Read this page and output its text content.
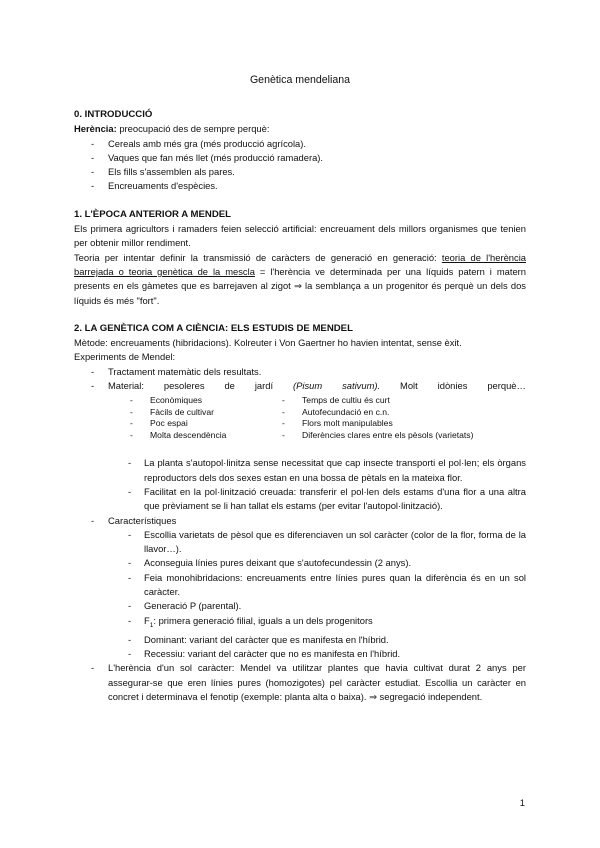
Genètica mendeliana
0. INTRODUCCIÓ

Herència: preocupació des de sempre perquè:

- Cereals amb més gra (més producció agrícola).
- Vaques que fan més llet (més producció ramadera).
- Els fills s'assemblen als pares.
- Encreuaments d'espècies.
1. L'ÈPOCA ANTERIOR A MENDEL

Els primera agricultors i ramaders feien selecció artificial: encreuament dels millors organismes que tenien per obtenir millor rendiment.

Teoria per intentar definir la transmissió de caràcters de generació en generació: teoria de l'herència barrejada o teoria genètica de la mescla = l'herència ve determinada per una líquids patern i matern presents en els gàmetes que es barrejaven al zigot ⇒ la semblança a un progenitor és perquè un dels dos líquids és més "fort".

2. LA GENÈTICA COM A CIÈNCIA: ELS ESTUDIS DE MENDEL

Mètode: encreuaments (hibridacions). Kolreuter i Von Gaertner ho havien intentat, sense èxit.

Experiments de Mendel:

- Tractament matemàtic dels resultats.
- Material: pesoleres de jardí (Pisum sativum). Molt idònies perquè…
- Econòmiques
- Fàcils de cultivar
- Poc espai
- Molta descendència
- Temps de cultiu és curt
- Autofecundació en c.n.
- Flors molt manipulables
- Diferències clares entre els pèsols (varietats)
- La planta s'autopol·linitza sense necessitat que cap insecte transporti el pol·len; els òrgans reproductors dels dos sexes estan en una bossa de pètals en la mateixa flor.
- Facilitat en la pol·linització creuada: transferir el pol·len dels estams d'una flor a una altra que prèviament se li han tallat els estams (per evitar l'autopol·linització).
- Característiques
- Escollia varietats de pèsol que es diferenciaven un sol caràcter (color de la flor, forma de la llavor…).
- Aconseguia línies pures deixant que s'autofecundessin (2 anys).
- Feia monohibridacions: encreuaments entre línies pures quan la diferència és en un sol caràcter.
- Generació P (parental).
- $F_1$: primera generació filial, iguals a un dels progenitors
- Dominant: variant del caràcter que es manifesta en l'híbrid.
- Recessiu: variant del caràcter que no es manifesta en l'híbrid.
- L'herència d'un sol caràcter: Mendel va utilitzar plantes que havia cultivat durat 2 anys per assegurar-se que eren línies pures (homozigotes) pel caràcter estudiat. Escollia un caràcter en concret i determinava el fenotip (exemple: planta alta o baixa). ⇒ segregació independent.
1
